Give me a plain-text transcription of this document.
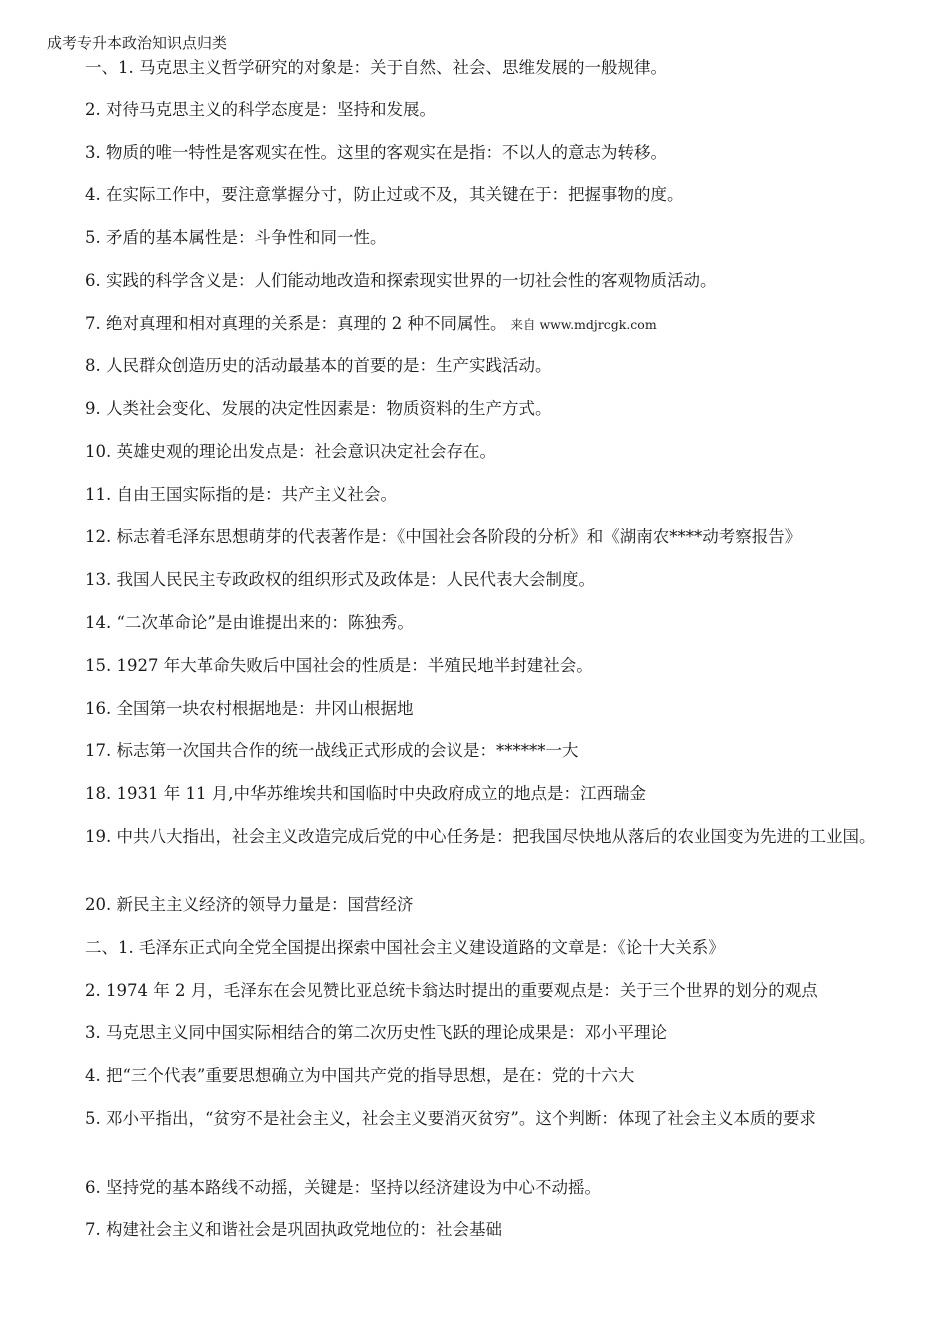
成考专升本政治知识点归类
一、1. 马克思主义哲学研究的对象是：关于自然、社会、思维发展的一般规律。
2. 对待马克思主义的科学态度是：坚持和发展。
3. 物质的唯一特性是客观实在性。这里的客观实在是指：不以人的意志为转移。
4. 在实际工作中，要注意掌握分寸，防止过或不及，其关键在于：把握事物的度。
5. 矛盾的基本属性是：斗争性和同一性。
6. 实践的科学含义是：人们能动地改造和探索现实世界的一切社会性的客观物质活动。
7. 绝对真理和相对真理的关系是：真理的 2 种不同属性。 来自 www.mdjrcgk.com
8. 人民群众创造历史的活动最基本的首要的是：生产实践活动。
9. 人类社会变化、发展的决定性因素是：物质资料的生产方式。
10. 英雄史观的理论出发点是：社会意识决定社会存在。
11. 自由王国实际指的是：共产主义社会。
12. 标志着毛泽东思想萌芽的代表著作是：《中国社会各阶段的分析》和《湖南农****动考察报告》
13. 我国人民民主专政政权的组织形式及政体是：人民代表大会制度。
14. “二次革命论”是由谁提出来的：陈独秀。
15. 1927 年大革命失败后中国社会的性质是：半殖民地半封建社会。
16. 全国第一块农村根据地是：井冈山根据地
17. 标志第一次国共合作的统一战线正式形成的会议是：******一大
18. 1931 年 11 月,中华苏维埃共和国临时中央政府成立的地点是：江西瑞金
19. 中共八大指出，社会主义改造完成后党的中心任务是：把我国尽快地从落后的农业国变为先进的工业国。
20. 新民主主义经济的领导力量是：国营经济
二、1. 毛泽东正式向全党全国提出探索中国社会主义建设道路的文章是：《论十大关系》
2. 1974 年 2 月，毛泽东在会见赞比亚总统卡翁达时提出的重要观点是：关于三个世界的划分的观点
3. 马克思主义同中国实际相结合的第二次历史性飞跃的理论成果是：邓小平理论
4. 把“三个代表”重要思想确立为中国共产党的指导思想，是在：党的十六大
5. 邓小平指出，“贫穷不是社会主义，社会主义要消灭贫穷”。这个判断：体现了社会主义本质的要求
6. 坚持党的基本路线不动摇，关键是：坚持以经济建设为中心不动摇。
7. 构建社会主义和谐社会是巩固执政党地位的：社会基础
